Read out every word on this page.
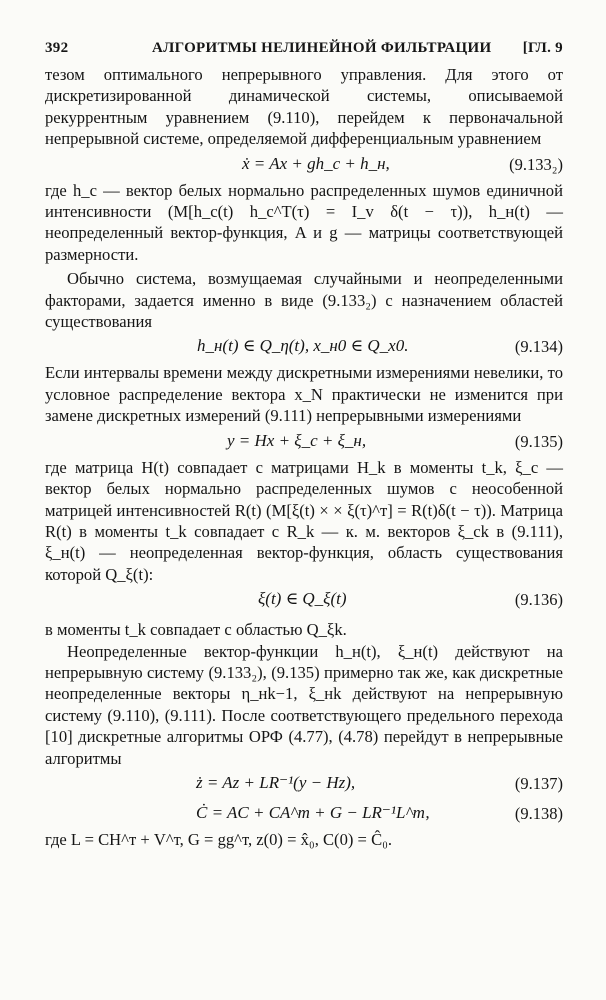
392	АЛГОРИТМЫ НЕЛИНЕЙНОЙ ФИЛЬТРАЦИИ [ГЛ. 9

тезом оптимального непрерывного управления. Для этого от дискретизированной динамической системы, описываемой рекуррентным уравнением (9.110), перейдем к первоначальной непрерывной системе, определяемой дифференциальным уравнением

ẋ = Ax + gh_c + h_н,	(9.133₂)

где h_c — вектор белых нормально распределенных шумов единичной интенсивности (M[h_c(t) h_c^T(τ) = I_v δ(t − τ)), h_н(t) — неопределенный вектор-функция, A и g — матрицы соответствующей размерности.

Обычно система, возмущаемая случайными и неопределенными факторами, задается именно в виде (9.133₂) с назначением областей существования

h_н(t) ∈ Q_η(t), x_н0 ∈ Q_x0.	(9.134)

Если интервалы времени между дискретными измерениями невелики, то условное распределение вектора x_N практически не изменится при замене дискретных измерений (9.111) непрерывными измерениями

y = Hx + ξ_c + ξ_н,	(9.135)

где матрица H(t) совпадает с матрицами H_k в моменты t_k, ξ_c — вектор белых нормально распределенных шумов с неособенной матрицей интенсивностей R(t) (M[ξ(t) × × ξ(τ)^т] = R(t)δ(t − τ)). Матрица R(t) в моменты t_k совпадает с R_k — к. м. векторов ξ_ck в (9.111), ξ_н(t) — неопределенная вектор-функция, область существования которой Q_ξ(t):

ξ(t) ∈ Q_ξ(t)	(9.136)

в моменты t_k совпадает с областью Q_ξk.

Неопределенные вектор-функции h_н(t), ξ_н(t) действуют на непрерывную систему (9.133₂), (9.135) примерно так же, как дискретные неопределенные векторы η_нk−1, ξ_нk действуют на непрерывную систему (9.110), (9.111). После соответствующего предельного перехода [10] дискретные алгоритмы ОРФ (4.77), (4.78) перейдут в непрерывные алгоритмы

ż = Az + LR⁻¹(y − Hz),	(9.137)
Ċ = AC + CA^т + G − LR⁻¹L^т,	(9.138)

где L = CH^т + V^т, G = gg^т, z(0) = x̂₀, C(0) = Ĉ₀.
